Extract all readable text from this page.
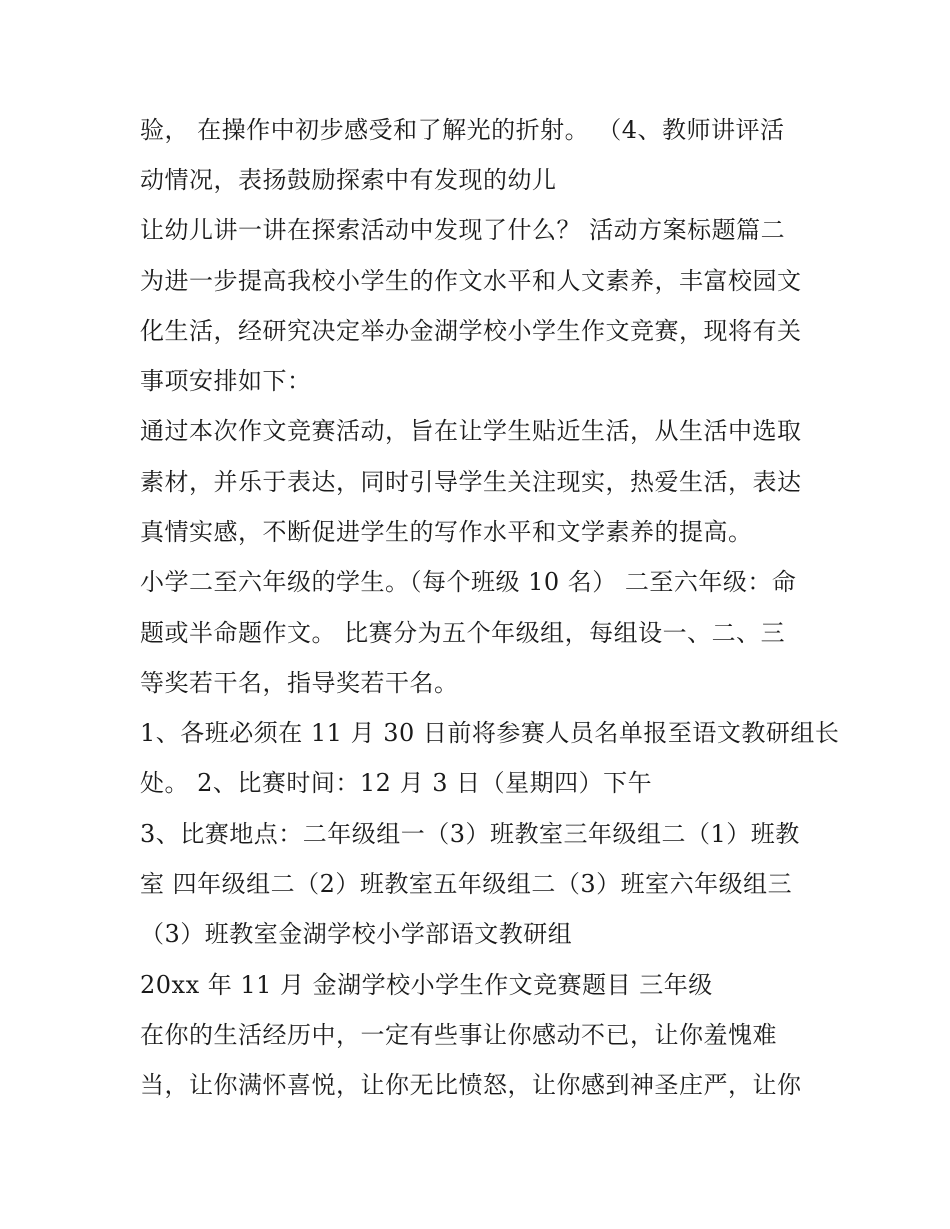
验， 在操作中初步感受和了解光的折射。 （4、教师讲评活

动情况，表扬鼓励探索中有发现的幼儿

让幼儿讲一讲在探索活动中发现了什么？ 活动方案标题篇二

为进一步提高我校小学生的作文水平和人文素养，丰富校园文

化生活，经研究决定举办金湖学校小学生作文竞赛，现将有关

事项安排如下：

通过本次作文竞赛活动，旨在让学生贴近生活，从生活中选取

素材，并乐于表达，同时引导学生关注现实，热爱生活，表达

真情实感，不断促进学生的写作水平和文学素养的提高。

小学二至六年级的学生。（每个班级 10 名） 二至六年级：命

题或半命题作文。 比赛分为五个年级组，每组设一、二、三

等奖若干名，指导奖若干名。

1、各班必须在 11 月 30 日前将参赛人员名单报至语文教研组长

处。 2、比赛时间：12 月 3 日（星期四）下午

3、比赛地点：二年级组一（3）班教室三年级组二（1）班教

室 四年级组二（2）班教室五年级组二（3）班室六年级组三

（3）班教室金湖学校小学部语文教研组

20xx 年 11 月 金湖学校小学生作文竞赛题目 三年级

在你的生活经历中，一定有些事让你感动不已，让你羞愧难

当，让你满怀喜悦，让你无比愤怒，让你感到神圣庄严，让你
